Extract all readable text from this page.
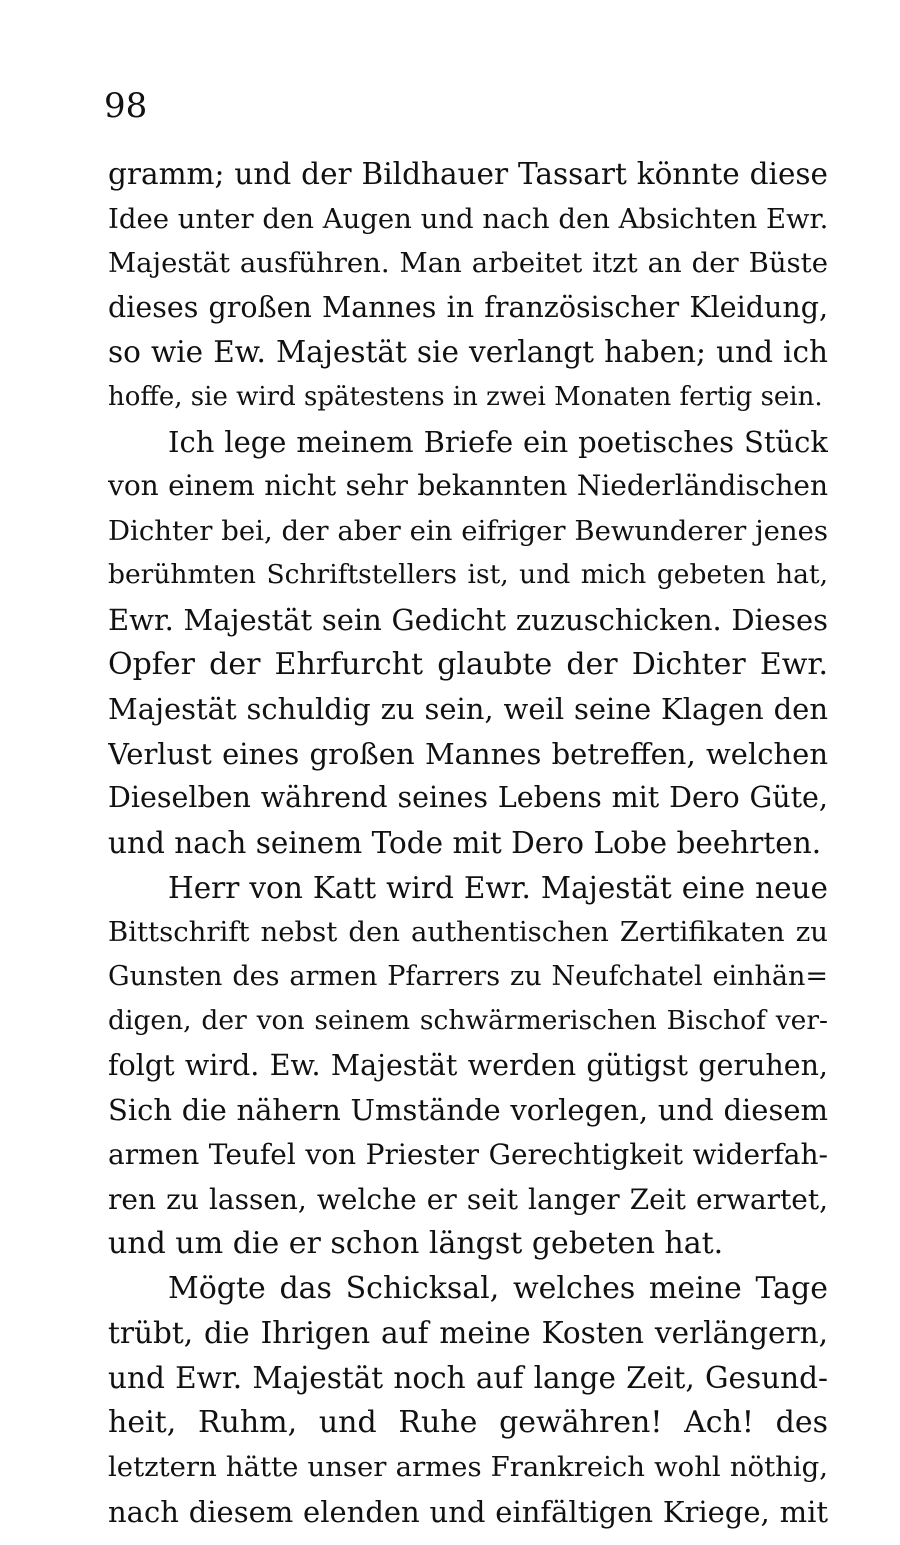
98
gramm; und der Bildhauer Tassart könnte diese
Idee unter den Augen und nach den Absichten Ewr.
Majestät ausführen. Man arbeitet itzt an der Büste
dieses großen Mannes in französischer Kleidung,
so wie Ew. Majestät sie verlangt haben; und ich
hoffe, sie wird spätestens in zwei Monaten fertig sein.
Ich lege meinem Briefe ein poetisches Stück
von einem nicht sehr bekannten Niederländischen
Dichter bei, der aber ein eifriger Bewunderer jenes
berühmten Schriftstellers ist, und mich gebeten hat,
Ewr. Majestät sein Gedicht zuzuschicken. Dieses
Opfer der Ehrfurcht glaubte der Dichter Ewr.
Majestät schuldig zu sein, weil seine Klagen den
Verlust eines großen Mannes betreffen, welchen
Dieselben während seines Lebens mit Dero Güte,
und nach seinem Tode mit Dero Lobe beehrten.
Herr von Katt wird Ewr. Majestät eine neue
Bittschrift nebst den authentischen Zertifikaten zu
Gunsten des armen Pfarrers zu Neufchatel einhän=
digen, der von seinem schwärmerischen Bischof ver-
folgt wird. Ew. Majestät werden gütigst geruhen,
Sich die nähern Umstände vorlegen, und diesem
armen Teufel von Priester Gerechtigkeit widerfah-
ren zu lassen, welche er seit langer Zeit erwartet,
und um die er schon längst gebeten hat.
Mögte das Schicksal, welches meine Tage
trübt, die Ihrigen auf meine Kosten verlängern,
und Ewr. Majestät noch auf lange Zeit, Gesund-
heit, Ruhm, und Ruhe gewähren! Ach! des
letztern hätte unser armes Frankreich wohl nöthig,
nach diesem elenden und einfältigen Kriege, mit
